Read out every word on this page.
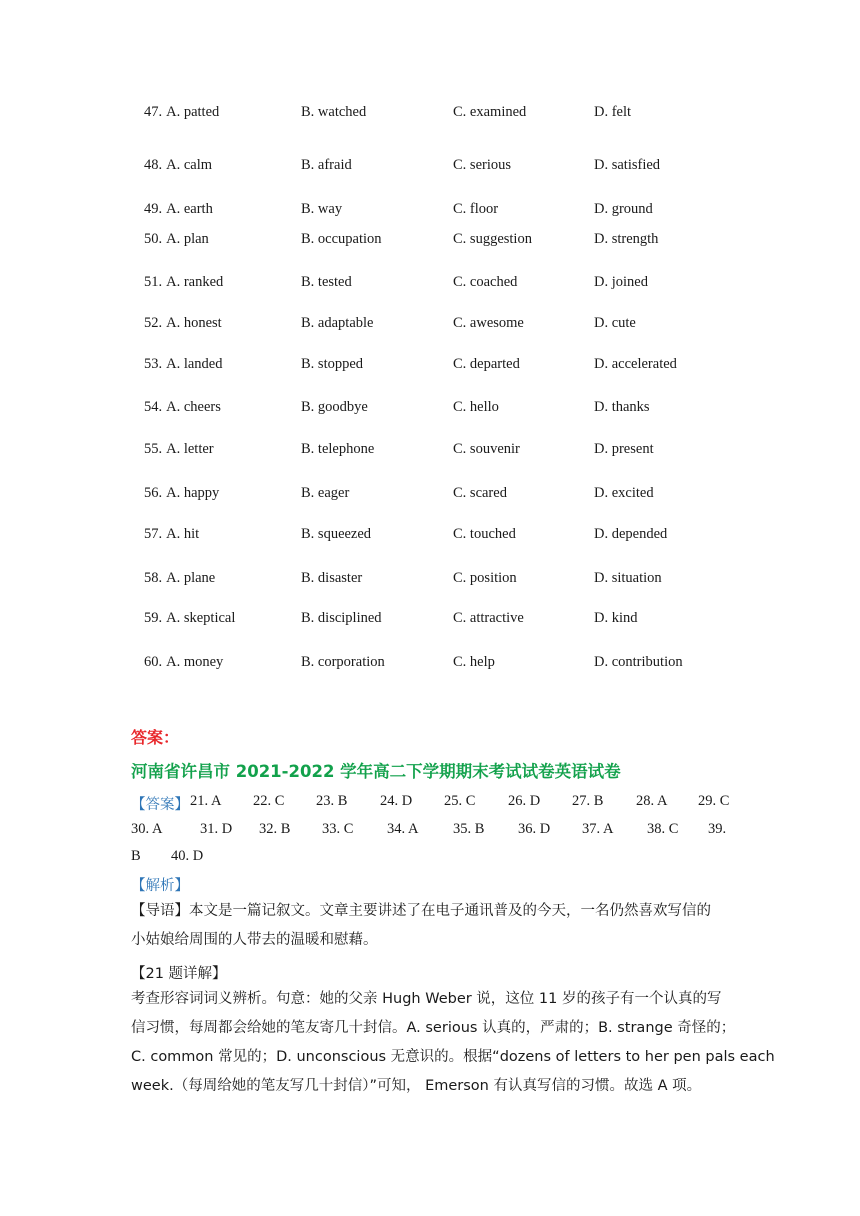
47. A. patted	B. watched	C. examined	D. felt
48. A. calm	B. afraid	C. serious	D. satisfied
49. A. earth	B. way	C. floor	D. ground
50. A. plan	B. occupation	C. suggestion	D. strength
51. A. ranked	B. tested	C. coached	D. joined
52. A. honest	B. adaptable	C. awesome	D. cute
53. A. landed	B. stopped	C. departed	D. accelerated
54. A. cheers	B. goodbye	C. hello	D. thanks
55. A. letter	B. telephone	C. souvenir	D. present
56. A. happy	B. eager	C. scared	D. excited
57. A. hit	B. squeezed	C. touched	D. depended
58. A. plane	B. disaster	C. position	D. situation
59. A. skeptical	B. disciplined	C. attractive	D. kind
60. A. money	B. corporation	C. help	D. contribution
答案：
河南省许昌市 2021-2022 学年高二下学期期末考试试卷英语试卷
【答案】 21. A 22. C 23. B 24. D 25. C 26. D 27. B 28. A 29. C
30. A	31. D 32. B 33. C 34. A 35. B 36. D 37. A 38. C 39.
B 40. D
【解析】
【导语】本文是一篇记叙文。文章主要讲述了在电子通讯普及的今天，一名仍然喜欢写信的
小姑娘给周围的人带去的温暖和慰藉。
【21 题详解】
考查形容词词义辨析。句意：她的父亲 Hugh Weber 说，这位 11 岁的孩子有一个认真的写
信习惯，每周都会给她的笔友寄几十封信。A. serious 认真的，严肃的；B. strange 奇怪的；
C. common 常见的；D. unconscious 无意识的。根据“dozens of letters to her pen pals each
week.（每周给她的笔友写几十封信）”可知， Emerson 有认真写信的习惯。故选 A 项。
